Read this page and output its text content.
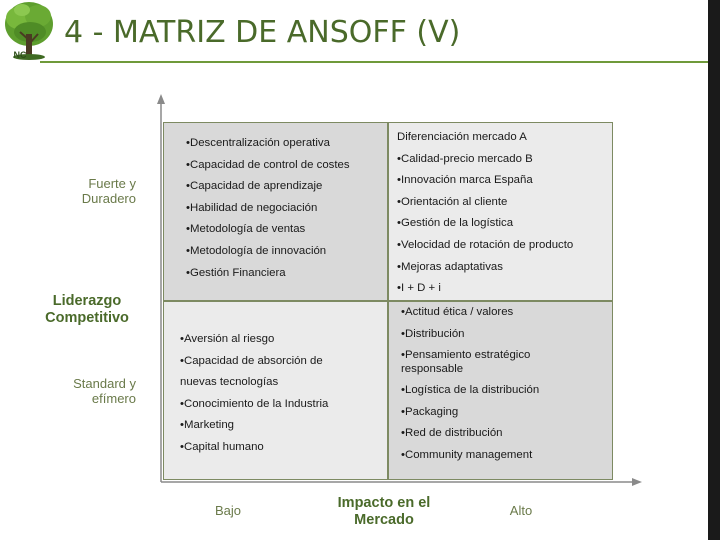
NC
4 - MATRIZ DE ANSOFF (V)
•Descentralización operativa
•Capacidad de control de costes
•Capacidad de aprendizaje
•Habilidad de negociación
•Metodología de ventas
•Metodología de innovación
•Gestión Financiera
Diferenciación mercado A
•Calidad-precio mercado B
•Innovación marca España
•Orientación al cliente
•Gestión de la logística
•Velocidad de rotación de producto
•Mejoras adaptativas
•I + D + i
•Aversión al riesgo
•Capacidad de absorción de nuevas tecnologías
•Conocimiento de la Industria
•Marketing
•Capital humano
•Actitud ética / valores
•Distribución
•Pensamiento estratégico responsable
•Logística de la distribución
•Packaging
•Red de distribución
•Community management
Fuerte y Duradero
Standard y efímero
Liderazgo Competitivo
Bajo	Alto
Impacto en el Mercado
